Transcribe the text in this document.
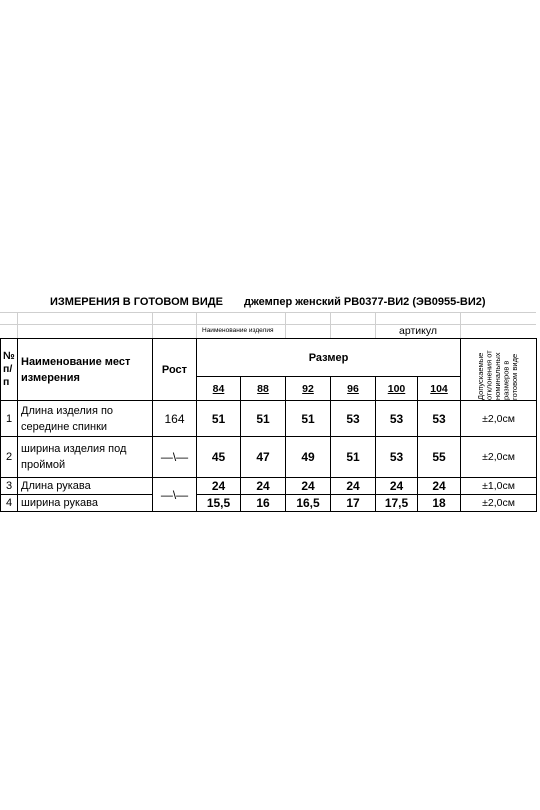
ИЗМЕРЕНИЯ В ГОТОВОМ ВИДЕ джемпер женский РВ0377-ВИ2 (ЭВ0955-ВИ2)
Наименование изделия	артикул
№ п/п	Наименование мест измерения	Рост	Размер						Допускаемые отклонения от номинальных размеров в готовом виде

			84	88	92	96	100	104	
1	Длина изделия по середине спинки	164	51	51	51	53	53	53	±2,0см
2	ширина изделия под проймой	—\—	45	47	49	51	53	55	±2,0см
3	Длина рукава	—\—	24	24	24	24	24	24	±1,0см
4	ширина рукава		15,5	16	16,5	17	17,5	18	±2,0см
